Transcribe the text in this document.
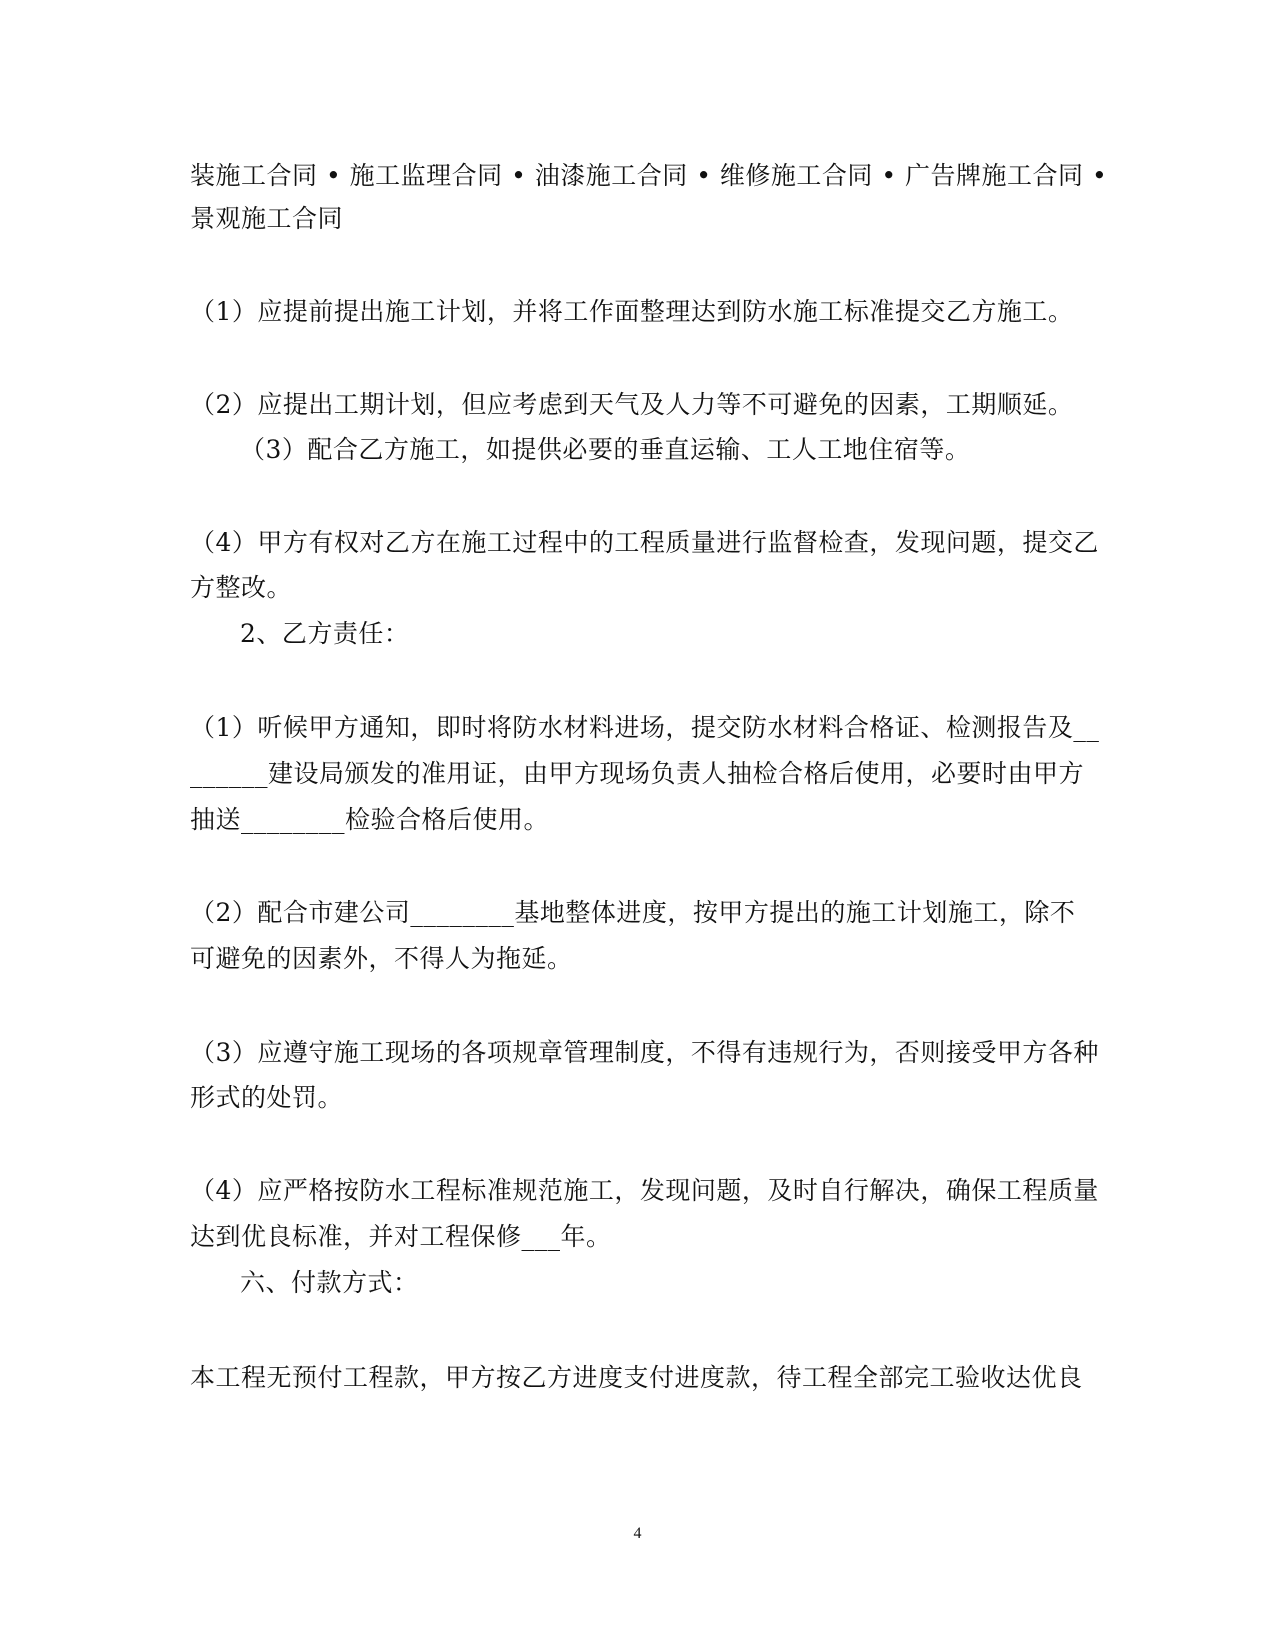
装施工合同 • 施工监理合同 • 油漆施工合同 • 维修施工合同 • 广告牌施工合同 •
景观施工合同
（1）应提前提出施工计划，并将工作面整理达到防水施工标准提交乙方施工。
（2）应提出工期计划，但应考虑到天气及人力等不可避免的因素，工期顺延。
（3）配合乙方施工，如提供必要的垂直运输、工人工地住宿等。
（4）甲方有权对乙方在施工过程中的工程质量进行监督检查，发现问题，提交乙
方整改。
2、乙方责任：
（1）听候甲方通知，即时将防水材料进场，提交防水材料合格证、检测报告及__
______建设局颁发的准用证，由甲方现场负责人抽检合格后使用，必要时由甲方
抽送________检验合格后使用。
（2）配合市建公司________基地整体进度，按甲方提出的施工计划施工，除不
可避免的因素外，不得人为拖延。
（3）应遵守施工现场的各项规章管理制度，不得有违规行为，否则接受甲方各种
形式的处罚。
（4）应严格按防水工程标准规范施工，发现问题，及时自行解决，确保工程质量
达到优良标准，并对工程保修___年。
六、付款方式：
本工程无预付工程款，甲方按乙方进度支付进度款，待工程全部完工验收达优良
4
